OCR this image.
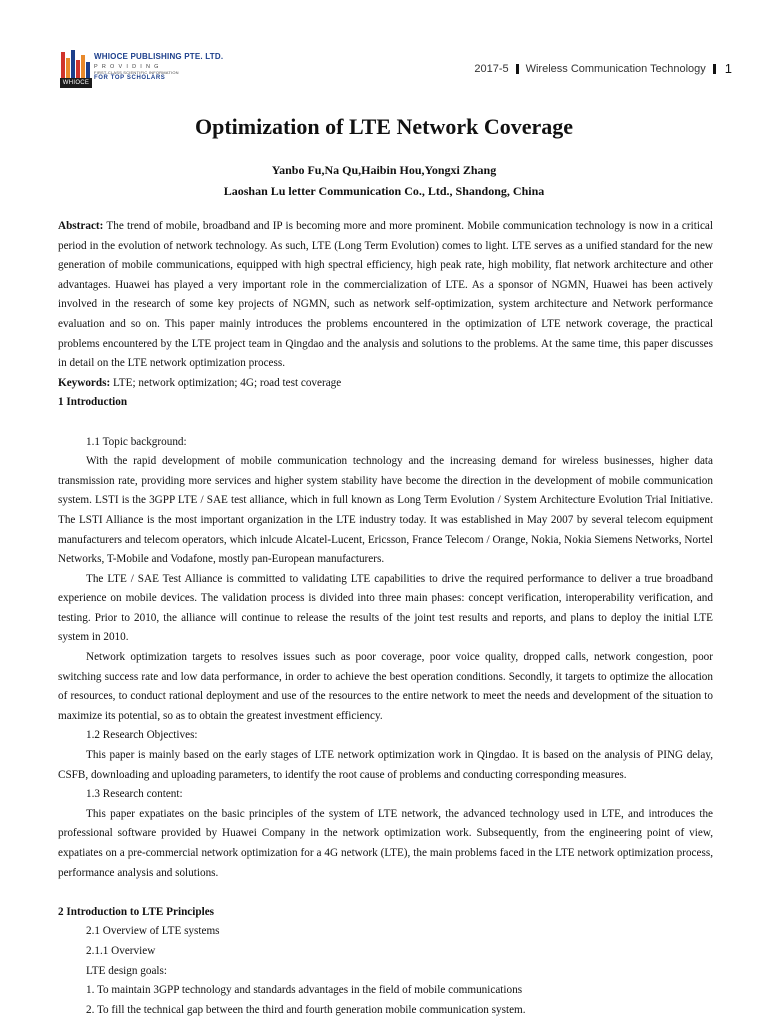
WHIOCE
WHIOCE PUBLISHING PTE. LTD.
PROVIDING
FIRST-CLASS SCIENTIFIC INFORMATION
FOR TOP SCHOLARS
2017-5 Wireless Communication Technology 1
Optimization of LTE Network Coverage
Yanbo Fu,Na Qu,Haibin Hou,Yongxi Zhang
Laoshan Lu letter Communication Co., Ltd., Shandong, China

Abstract: The trend of mobile, broadband and IP is becoming more and more prominent. Mobile communication technology is now in a critical period in the evolution of network technology. As such, LTE (Long Term Evolution) comes to light. LTE serves as a unified standard for the new generation of mobile communications, equipped with high spectral efficiency, high peak rate, high mobility, flat network architecture and other advantages. Huawei has played a very important role in the commercialization of LTE. As a sponsor of NGMN, Huawei has been actively involved in the research of some key projects of NGMN, such as network self-optimization, system architecture and Network performance evaluation and so on. This paper mainly introduces the problems encountered in the optimization of LTE network coverage, the practical problems encountered by the LTE project team in Qingdao and the analysis and solutions to the problems. At the same time, this paper discusses in detail on the LTE network optimization process.

Keywords: LTE; network optimization; 4G; road test coverage

1 Introduction

1.1 Topic background:

With the rapid development of mobile communication technology and the increasing demand for wireless businesses, higher data transmission rate, providing more services and higher system stability have become the direction in the development of mobile communication system. LSTI is the 3GPP LTE / SAE test alliance, which in full known as Long Term Evolution / System Architecture Evolution Trial Initiative. The LSTI Alliance is the most important organization in the LTE industry today. It was established in May 2007 by several telecom equipment manufacturers and telecom operators, which inlcude Alcatel-Lucent, Ericsson, France Telecom / Orange, Nokia, Nokia Siemens Networks, Nortel Networks, T-Mobile and Vodafone, mostly pan-European manufacturers.

The LTE / SAE Test Alliance is committed to validating LTE capabilities to drive the required performance to deliver a true broadband experience on mobile devices. The validation process is divided into three main phases: concept verification, interoperability verification, and testing. Prior to 2010, the alliance will continue to release the results of the joint test results and reports, and plans to deploy the initial LTE system in 2010.

Network optimization targets to resolves issues such as poor coverage, poor voice quality, dropped calls, network congestion, poor switching success rate and low data performance, in order to achieve the best operation conditions. Secondly, it targets to optimize the allocation of resources, to conduct rational deployment and use of the resources to the entire network to meet the needs and development of the situation to maximize its potential, so as to obtain the greatest investment efficiency.

1.2 Research Objectives:

This paper is mainly based on the early stages of LTE network optimization work in Qingdao. It is based on the analysis of PING delay, CSFB, downloading and uploading parameters, to identify the root cause of problems and conducting corresponding measures.

1.3 Research content:

This paper expatiates on the basic principles of the system of LTE network, the advanced technology used in LTE, and introduces the professional software provided by Huawei Company in the network optimization work. Subsequently, from the engineering point of view, expatiates on a pre-commercial network optimization for a 4G network (LTE), the main problems faced in the LTE network optimization process, performance analysis and solutions.

2 Introduction to LTE Principles

2.1 Overview of LTE systems

2.1.1 Overview

LTE design goals:

1. To maintain 3GPP technology and standards advantages in the field of mobile communications

2. To fill the technical gap between the third and fourth generation mobile communication system.
